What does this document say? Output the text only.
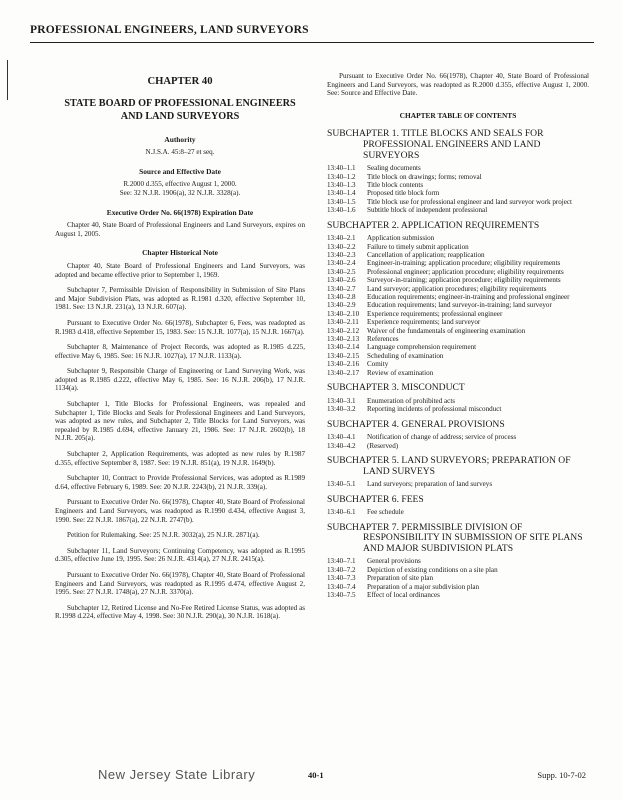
PROFESSIONAL ENGINEERS, LAND SURVEYORS
CHAPTER 40
STATE BOARD OF PROFESSIONAL ENGINEERS
AND LAND SURVEYORS
Authority
N.J.S.A. 45:8–27 et seq.
Source and Effective Date
R.2000 d.355, effective August 1, 2000.
See: 32 N.J.R. 1906(a), 32 N.J.R. 3328(a).
Executive Order No. 66(1978) Expiration Date

Chapter 40, State Board of Professional Engineers and Land Surveyors, expires on August 1, 2005.

Chapter Historical Note

Chapter 40, State Board of Professional Engineers and Land Surveyors, was adopted and became effective prior to September 1, 1969.

Subchapter 7, Permissible Division of Responsibility in Submission of Site Plans and Major Subdivision Plats, was adopted as R.1981 d.320, effective September 10, 1981. See: 13 N.J.R. 231(a), 13 N.J.R. 607(a).

Pursuant to Executive Order No. 66(1978), Subchapter 6, Fees, was readopted as R.1983 d.418, effective September 15, 1983. See: 15 N.J.R. 1077(a), 15 N.J.R. 1667(a).

Subchapter 8, Maintenance of Project Records, was adopted as R.1985 d.225, effective May 6, 1985. See: 16 N.J.R. 1027(a), 17 N.J.R. 1133(a).

Subchapter 9, Responsible Charge of Engineering or Land Surveying Work, was adopted as R.1985 d.222, effective May 6, 1985. See: 16 N.J.R. 206(b), 17 N.J.R. 1134(a).

Subchapter 1, Title Blocks for Professional Engineers, was repealed and Subchapter 1, Title Blocks and Seals for Professional Engineers and Land Surveyors, was adopted as new rules, and Subchapter 2, Title Blocks for Land Surveyors, was repealed by R.1985 d.694, effective January 21, 1986. See: 17 N.J.R. 2602(b), 18 N.J.R. 205(a).

Subchapter 2, Application Requirements, was adopted as new rules by R.1987 d.355, effective September 8, 1987. See: 19 N.J.R. 851(a), 19 N.J.R. 1649(b).

Subchapter 10, Contract to Provide Professional Services, was adopted as R.1989 d.64, effective February 6, 1989. See: 20 N.J.R. 2243(b), 21 N.J.R. 339(a).

Pursuant to Executive Order No. 66(1978), Chapter 40, State Board of Professional Engineers and Land Surveyors, was readopted as R.1990 d.434, effective August 3, 1990. See: 22 N.J.R. 1867(a), 22 N.J.R. 2747(b).

Petition for Rulemaking. See: 25 N.J.R. 3032(a), 25 N.J.R. 2871(a).

Subchapter 11, Land Surveyors; Continuing Competency, was adopted as R.1995 d.305, effective June 19, 1995. See: 26 N.J.R. 4314(a), 27 N.J.R. 2415(a).

Pursuant to Executive Order No. 66(1978), Chapter 40, State Board of Professional Engineers and Land Surveyors, was readopted as R.1995 d.474, effective August 2, 1995. See: 27 N.J.R. 1748(a), 27 N.J.R. 3370(a).

Subchapter 12, Retired License and No-Fee Retired License Status, was adopted as R.1998 d.224, effective May 4, 1998. See: 30 N.J.R. 290(a), 30 N.J.R. 1618(a).

Pursuant to Executive Order No. 66(1978), Chapter 40, State Board of Professional Engineers and Land Surveyors, was readopted as R.2000 d.355, effective August 1, 2000. See: Source and Effective Date.

CHAPTER TABLE OF CONTENTS
SUBCHAPTER 1. TITLE BLOCKS AND SEALS FOR PROFESSIONAL ENGINEERS AND LAND SURVEYORS
13:40–1.1	Sealing documents
13:40–1.2	Title block on drawings; forms; removal
13:40–1.3	Title block contents
13:40–1.4	Proposed title block form
13:40–1.5	Title block use for professional engineer and land surveyor work project
13:40–1.6	Subtitle block of independent professional
SUBCHAPTER 2. APPLICATION REQUIREMENTS
13:40–2.1	Application submission
13:40–2.2	Failure to timely submit application
13:40–2.3	Cancellation of application; reapplication
13:40–2.4	Engineer-in-training; application procedure; eligibility requirements
13:40–2.5	Professional engineer; application procedure; eligibility requirements
13:40–2.6	Surveyor-in-training; application procedure; eligibility requirements
13:40–2.7	Land surveyor; application procedures; eligibility requirements
13:40–2.8	Education requirements; engineer-in-training and professional engineer
13:40–2.9	Education requirements; land surveyor-in-training; land surveyor
13:40–2.10	Experience requirements; professional engineer
13:40–2.11	Experience requirements; land surveyor
13:40–2.12	Waiver of the fundamentals of engineering examination
13:40–2.13	References
13:40–2.14	Language comprehension requirement
13:40–2.15	Scheduling of examination
13:40–2.16	Comity
13:40–2.17	Review of examination
SUBCHAPTER 3. MISCONDUCT
13:40–3.1	Enumeration of prohibited acts
13:40–3.2	Reporting incidents of professional misconduct
SUBCHAPTER 4. GENERAL PROVISIONS
13:40–4.1	Notification of change of address; service of process
13:40–4.2	(Reserved)
SUBCHAPTER 5. LAND SURVEYORS; PREPARATION OF LAND SURVEYS
13:40–5.1	Land surveyors; preparation of land surveys
SUBCHAPTER 6. FEES
13:40–6.1	Fee schedule
SUBCHAPTER 7. PERMISSIBLE DIVISION OF RESPONSIBILITY IN SUBMISSION OF SITE PLANS AND MAJOR SUBDIVISION PLATS
13:40–7.1	General provisions
13:40–7.2	Depiction of existing conditions on a site plan
13:40–7.3	Preparation of site plan
13:40–7.4	Preparation of a major subdivision plan
13:40–7.5	Effect of local ordinances
New Jersey State Library	40-1	Supp. 10-7-02
